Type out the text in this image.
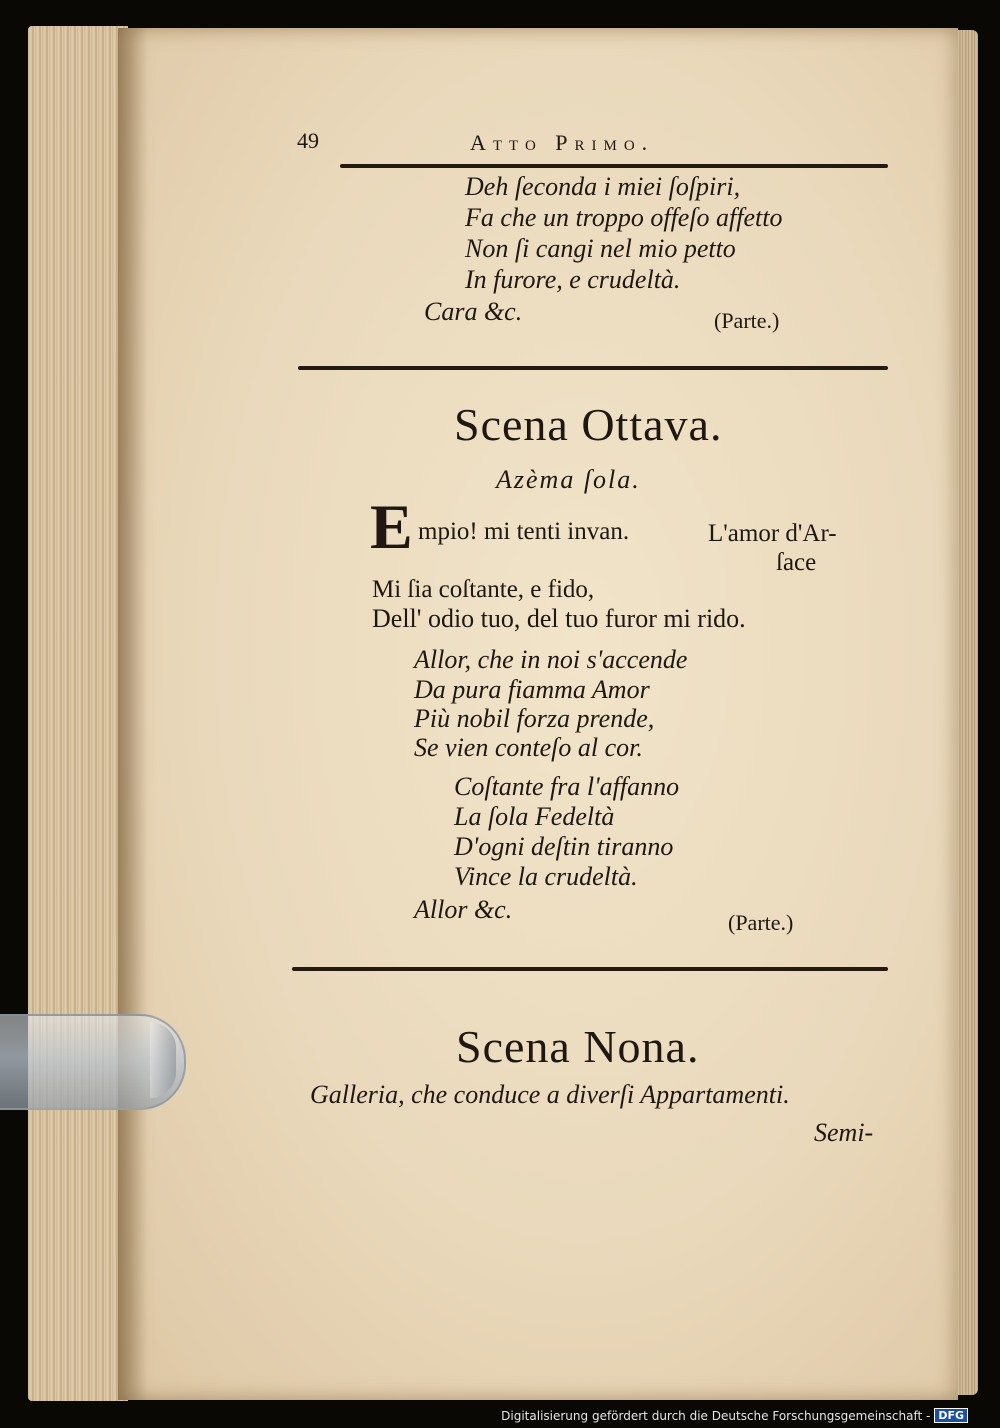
49	Atto Primo.
Deh ſeconda i miei ſoſpiri,
Fa che un troppo offeſo affetto
Non ſi cangi nel mio petto
In furore, e crudeltà.
Cara &c.	(Parte.)
Scena Ottava.
Azèma ſola.
E mpio! mi tenti invan.	L'amor d'Ar-
ſace
Mi ſia coſtante, e fido,
Dell' odio tuo, del tuo furor mi rido.
Allor, che in noi s'accende
Da pura fiamma Amor
Più nobil forza prende,
Se vien conteſo al cor.
Coſtante fra l'affanno
La ſola Fedeltà
D'ogni deſtin tiranno
Vince la crudeltà.
Allor &c.	(Parte.)
Scena Nona.
Galleria, che conduce a diverſi Appartamenti.
Semi-
Digitalisierung gefördert durch die Deutsche Forschungsgemeinschaft - DFG
